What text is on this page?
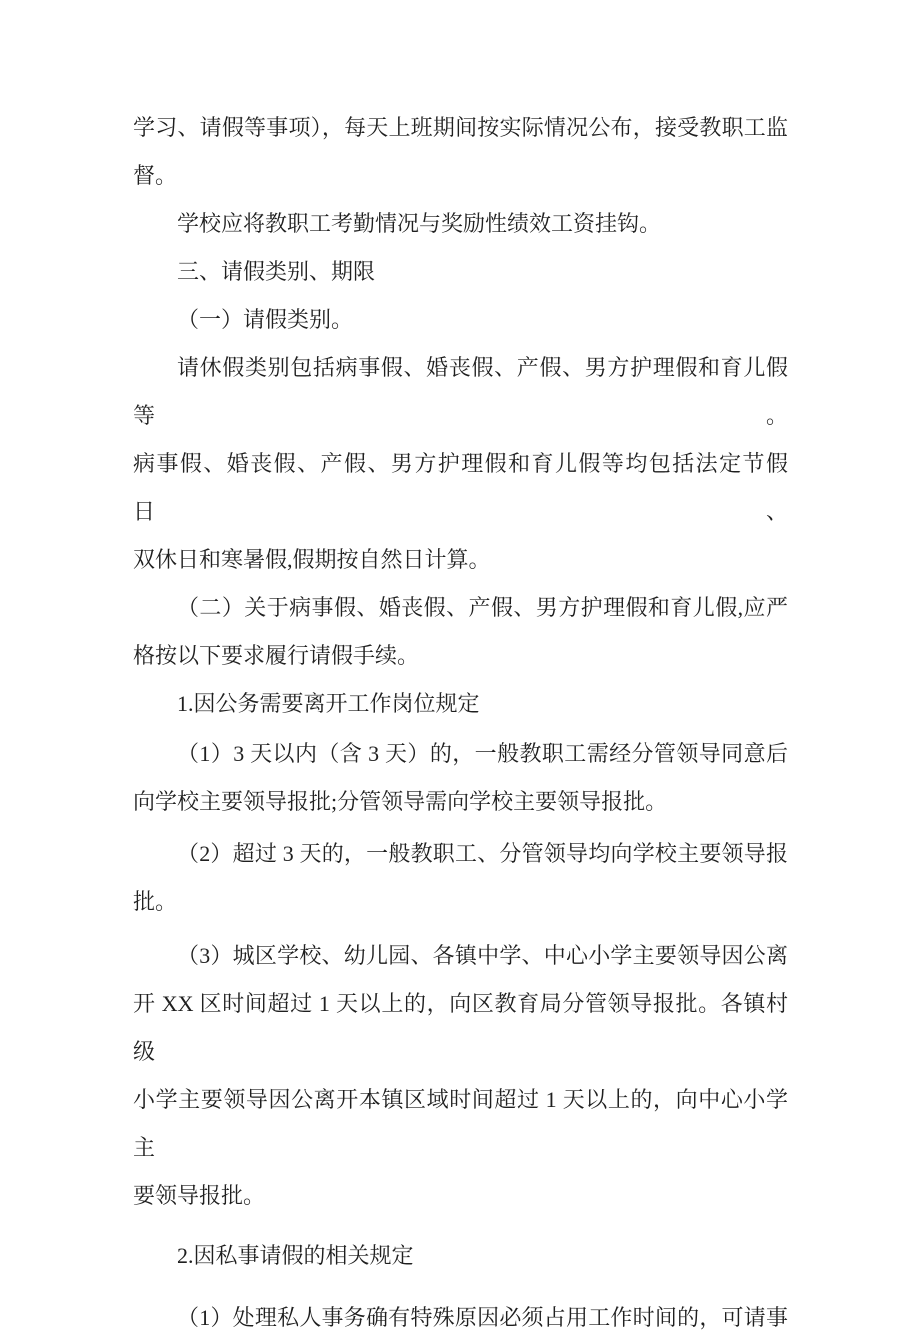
学习、请假等事项），每天上班期间按实际情况公布，接受教职工监
督。
学校应将教职工考勤情况与奖励性绩效工资挂钩。
三、请假类别、期限
（一）请假类别。
请休假类别包括病事假、婚丧假、产假、男方护理假和育儿假等。
病事假、婚丧假、产假、男方护理假和育儿假等均包括法定节假日、
双休日和寒暑假,假期按自然日计算。
（二）关于病事假、婚丧假、产假、男方护理假和育儿假,应严
格按以下要求履行请假手续。
1.因公务需要离开工作岗位规定
（1）3 天以内（含 3 天）的，一般教职工需经分管领导同意后
向学校主要领导报批;分管领导需向学校主要领导报批。
（2）超过 3 天的，一般教职工、分管领导均向学校主要领导报
批。
（3）城区学校、幼儿园、各镇中学、中心小学主要领导因公离
开 XX 区时间超过 1 天以上的，向区教育局分管领导报批。各镇村级
小学主要领导因公离开本镇区域时间超过 1 天以上的，向中心小学主
要领导报批。
2.因私事请假的相关规定
（1）处理私人事务确有特殊原因必须占用工作时间的，可请事
